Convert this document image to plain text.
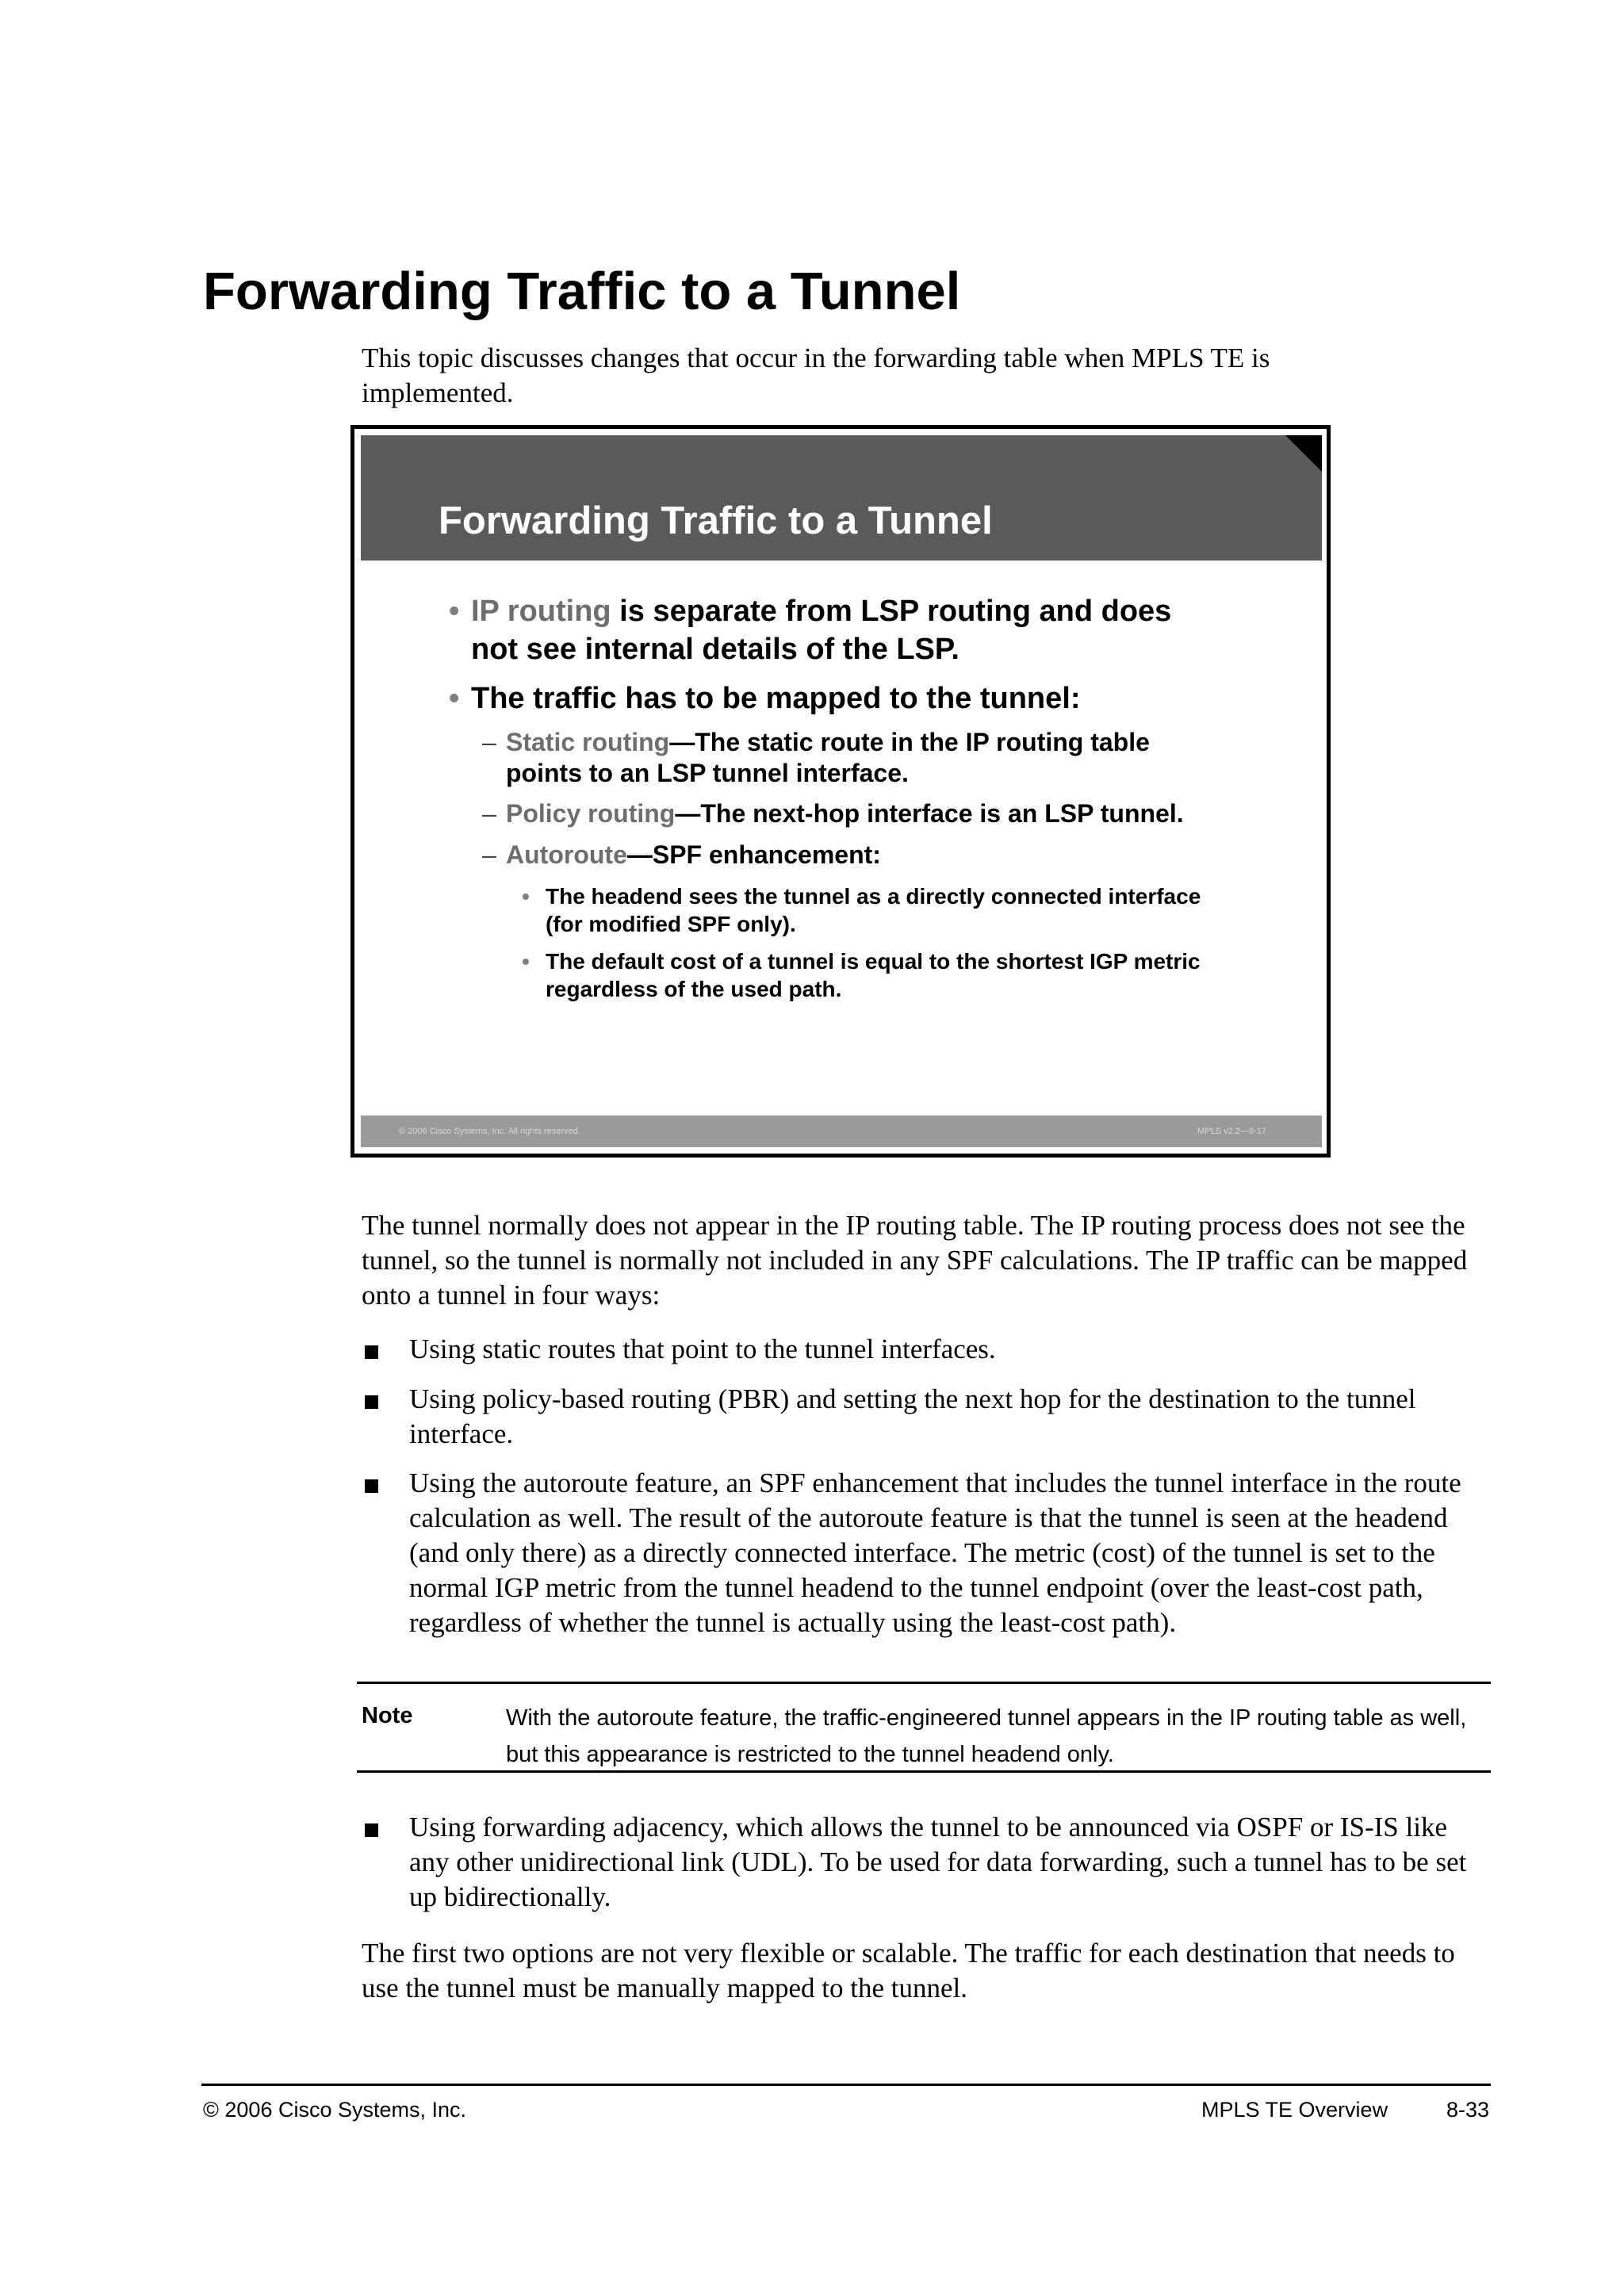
Forwarding Traffic to a Tunnel

This topic discusses changes that occur in the forwarding table when MPLS TE is implemented.

Forwarding Traffic to a Tunnel
• IP routing is separate from LSP routing and does
not see internal details of the LSP.
• The traffic has to be mapped to the tunnel:
– Static routing—The static route in the IP routing table
points to an LSP tunnel interface.
– Policy routing—The next-hop interface is an LSP tunnel.
– Autoroute—SPF enhancement:
• The headend sees the tunnel as a directly connected interface
(for modified SPF only).
• The default cost of a tunnel is equal to the shortest IGP metric
regardless of the used path.
© 2006 Cisco Systems, Inc. All rights reserved.	MPLS v2.2—8-17

The tunnel normally does not appear in the IP routing table. The IP routing process does not see the tunnel, so the tunnel is normally not included in any SPF calculations. The IP traffic can be mapped onto a tunnel in four ways:

Using static routes that point to the tunnel interfaces.

Using policy-based routing (PBR) and setting the next hop for the destination to the tunnel interface.

Using the autoroute feature, an SPF enhancement that includes the tunnel interface in the route calculation as well. The result of the autoroute feature is that the tunnel is seen at the headend (and only there) as a directly connected interface. The metric (cost) of the tunnel is set to the normal IGP metric from the tunnel headend to the tunnel endpoint (over the least-cost path, regardless of whether the tunnel is actually using the least-cost path).

Note	With the autoroute feature, the traffic-engineered tunnel appears in the IP routing table as well, but this appearance is restricted to the tunnel headend only.

Using forwarding adjacency, which allows the tunnel to be announced via OSPF or IS-IS like any other unidirectional link (UDL). To be used for data forwarding, such a tunnel has to be set up bidirectionally.

The first two options are not very flexible or scalable. The traffic for each destination that needs to use the tunnel must be manually mapped to the tunnel.

© 2006 Cisco Systems, Inc.	MPLS TE Overview	8-33
